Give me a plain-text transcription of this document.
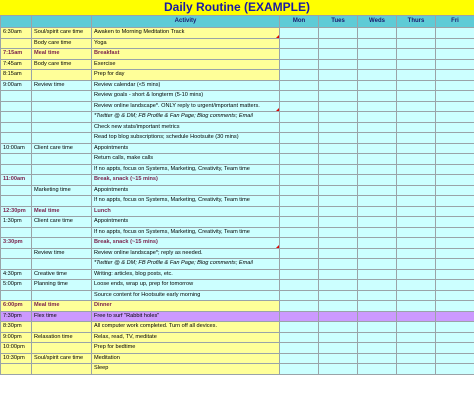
Daily Routine (EXAMPLE)
		Activity	Mon	Tues	Weds	Thurs	Fri
6:30am	Soul/spirit care time	Awaken to Morning Meditation Track

	Body care time	Yoga					
7:15am	Meal time	Breakfast					
7:45am	Body care time	Exercise					
8:15am		Prep for day					
9:00am	Review time	Review calendar (<5 mins)					
		Review goals - short & longterm (5-10 mins)					
		Review online landscape*. ONLY reply to urgent/important matters.

		*Twitter @ & DM; FB Profile & Fan Page; Blog comments; Email					
		Check new stats/important metrics					
		Read top blog subscriptions; schedule Hootsuite (30 mins)					
10:00am	Client care time	Appointments					
		Return calls, make calls					
		If no appts, focus on Systems, Marketing, Creativity, Team time					
11:00am		Break, snack (~15 mins)					
	Marketing time	Appointments					
		If no appts, focus on Systems, Marketing, Creativity, Team time					
12:30pm	Meal time	Lunch					
1:30pm	Client care time	Appointments					
		If no appts, focus on Systems, Marketing, Creativity, Team time					
3:30pm		Break, snack (~15 mins)

	Review time	Review online landscape*; reply as needed.					
		*Twitter @ & DM; FB Profile & Fan Page; Blog comments; Email					
4:30pm	Creative time	Writing: articles, blog posts, etc.					
5:00pm	Planning time	Loose ends, wrap up, prep for tomorrow					
		Source content for Hootsuite early morning					
6:00pm	Meal time	Dinner					
7:30pm	Flex time	Free to surf "Rabbit holes"					
8:30pm		All computer work completed. Turn off all devices.					
9:00pm	Relaxation time	Relax, read, TV, meditate					
10:00pm		Prep for bedtime					
10:30pm	Soul/spirit care time	Meditation					
		Sleep					
